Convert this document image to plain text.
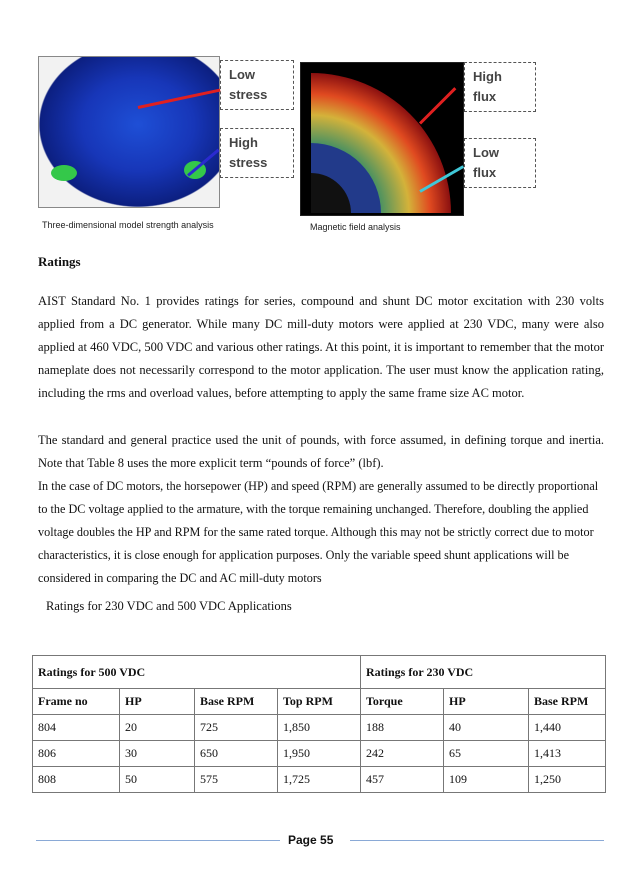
Low
stress
High
stress
Three-dimensional model strength analysis
High
flux
Low
flux
Magnetic field analysis
Ratings

AIST Standard No. 1 provides ratings for series, compound and shunt DC motor excitation with 230 volts applied from a DC generator. While many DC mill-duty motors were applied at 230 VDC, many were also applied at 460 VDC, 500 VDC and various other ratings. At this point, it is important to remember that the motor nameplate does not necessarily correspond to the motor application. The user must know the application rating, including the rms and overload values, before attempting to apply the same frame size AC motor.

The standard and general practice used the unit of pounds, with force assumed, in defining torque and inertia. Note that Table 8 uses the more explicit term “pounds of force” (lbf).

In the case of DC motors, the horsepower (HP) and speed (RPM) are generally assumed to be directly proportional to the DC voltage applied to the armature, with the torque remaining unchanged. Therefore, doubling the applied voltage doubles the HP and RPM for the same rated torque. Although this may not be strictly correct due to motor characteristics, it is close enough for application purposes. Only the variable speed shunt applications will be considered in comparing the DC and AC mill-duty motors

Ratings for 230 VDC and 500 VDC Applications
Ratings for 500 VDC				Ratings for 230 VDC		
Frame no	HP	Base RPM	Top RPM	Torque	HP	Base RPM
804	20	725	1,850	188	40	1,440
806	30	650	1,950	242	65	1,413
808	50	575	1,725	457	109	1,250
Page 55
